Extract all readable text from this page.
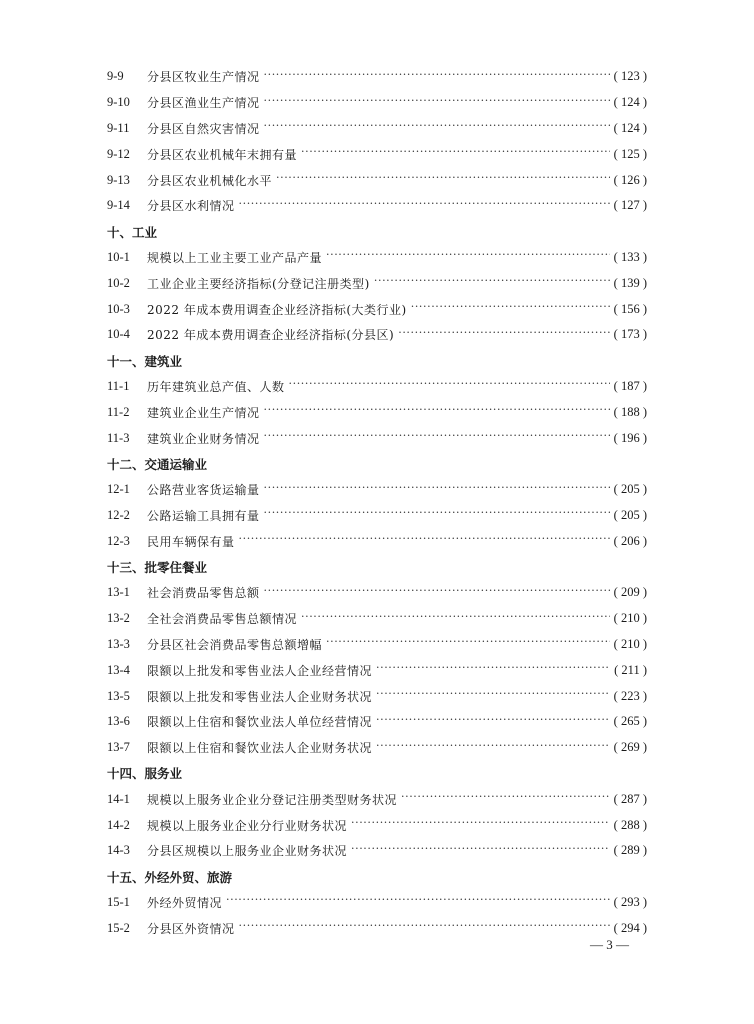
9-9	分县区牧业生产情况 ·····	( 123 )
9-10	分县区渔业生产情况 ·····	( 124 )
9-11	分县区自然灾害情况 ·····	( 124 )
9-12	分县区农业机械年末拥有量 ·····	( 125 )
9-13	分县区农业机械化水平 ·····	( 126 )
9-14	分县区水利情况 ·····	( 127 )
十、工业
10-1	规模以上工业主要工业产品产量 ·····	( 133 )
10-2	工业企业主要经济指标(分登记注册类型) ·····	( 139 )
10-3	2022 年成本费用调查企业经济指标(大类行业) ·····	( 156 )
10-4	2022 年成本费用调查企业经济指标(分县区) ·····	( 173 )
十一、建筑业
11-1	历年建筑业总产值、人数 ·····	( 187 )
11-2	建筑业企业生产情况 ·····	( 188 )
11-3	建筑业企业财务情况 ·····	( 196 )
十二、交通运输业
12-1	公路营业客货运输量 ·····	( 205 )
12-2	公路运输工具拥有量 ·····	( 205 )
12-3	民用车辆保有量 ·····	( 206 )
十三、批零住餐业
13-1	社会消费品零售总额 ·····	( 209 )
13-2	全社会消费品零售总额情况 ·····	( 210 )
13-3	分县区社会消费品零售总额增幅 ·····	( 210 )
13-4	限额以上批发和零售业法人企业经营情况 ·····	( 211 )
13-5	限额以上批发和零售业法人企业财务状况 ·····	( 223 )
13-6	限额以上住宿和餐饮业法人单位经营情况 ·····	( 265 )
13-7	限额以上住宿和餐饮业法人企业财务状况 ·····	( 269 )
十四、服务业
14-1	规模以上服务业企业分登记注册类型财务状况 ·····	( 287 )
14-2	规模以上服务业企业分行业财务状况 ·····	( 288 )
14-3	分县区规模以上服务业企业财务状况 ·····	( 289 )
十五、外经外贸、旅游
15-1	外经外贸情况 ·····	( 293 )
15-2	分县区外资情况 ·····	( 294 )
— 3 —
